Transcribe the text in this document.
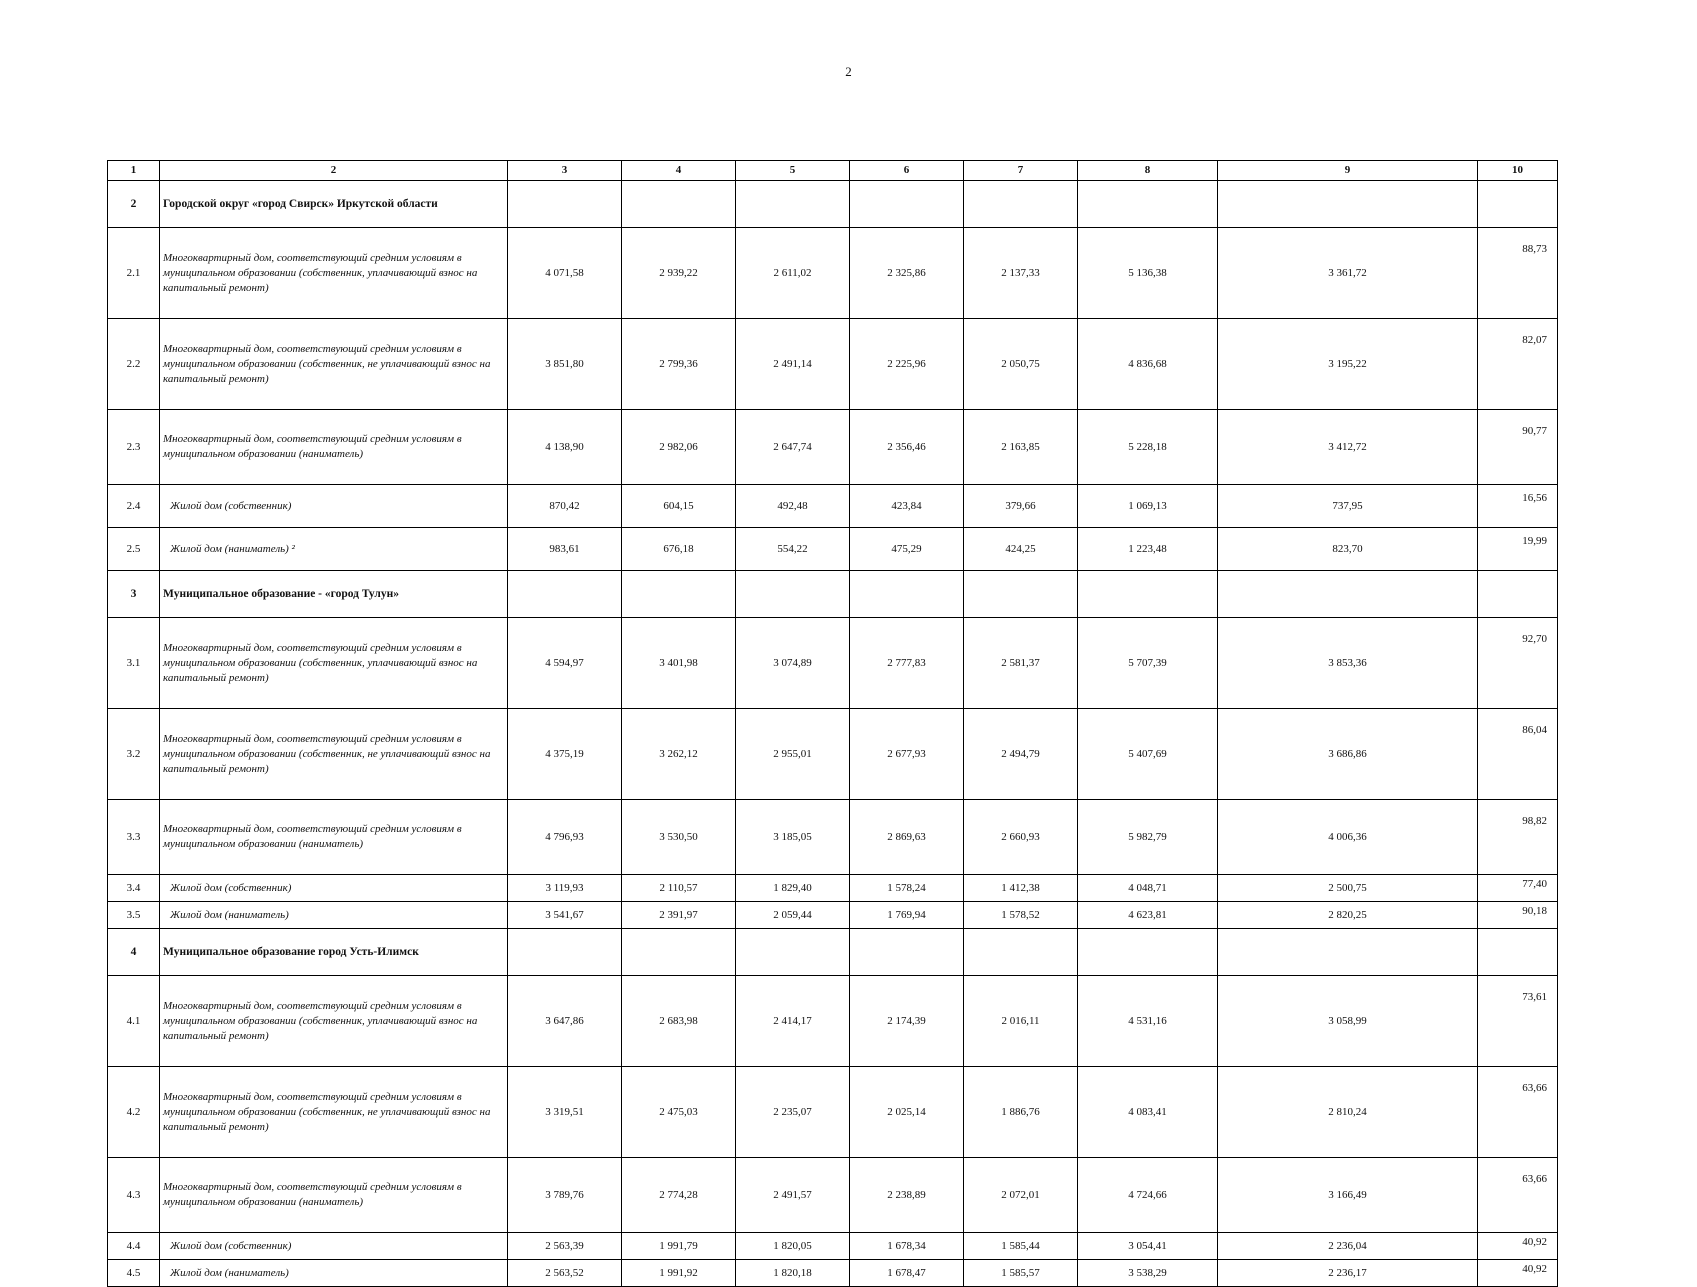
2
1	2	3	4	5	6	7	8	9	10
2	Городской округ «город Свирск» Иркутской области								
2.1	Многоквартирный дом, соответствующий средним условиям в муниципальном образовании (собственник, уплачивающий взнос на капитальный ремонт)	4 071,58	2 939,22	2 611,02	2 325,86	2 137,33	5 136,38	3 361,72	88,73
2.2	Многоквартирный дом, соответствующий средним условиям в муниципальном образовании (собственник, не уплачивающий взнос на капитальный ремонт)	3 851,80	2 799,36	2 491,14	2 225,96	2 050,75	4 836,68	3 195,22	82,07
2.3	Многоквартирный дом, соответствующий средним условиям в муниципальном образовании (наниматель)	4 138,90	2 982,06	2 647,74	2 356,46	2 163,85	5 228,18	3 412,72	90,77
2.4	Жилой дом (собственник)	870,42	604,15	492,48	423,84	379,66	1 069,13	737,95	16,56
2.5	Жилой дом (наниматель) ²	983,61	676,18	554,22	475,29	424,25	1 223,48	823,70	19,99
3	Муниципальное образование - «город Тулун»								
3.1	Многоквартирный дом, соответствующий средним условиям в муниципальном образовании (собственник, уплачивающий взнос на капитальный ремонт)	4 594,97	3 401,98	3 074,89	2 777,83	2 581,37	5 707,39	3 853,36	92,70
3.2	Многоквартирный дом, соответствующий средним условиям в муниципальном образовании (собственник, не уплачивающий взнос на капитальный ремонт)	4 375,19	3 262,12	2 955,01	2 677,93	2 494,79	5 407,69	3 686,86	86,04
3.3	Многоквартирный дом, соответствующий средним условиям в муниципальном образовании (наниматель)	4 796,93	3 530,50	3 185,05	2 869,63	2 660,93	5 982,79	4 006,36	98,82
3.4	Жилой дом (собственник)	3 119,93	2 110,57	1 829,40	1 578,24	1 412,38	4 048,71	2 500,75	77,40
3.5	Жилой дом (наниматель)	3 541,67	2 391,97	2 059,44	1 769,94	1 578,52	4 623,81	2 820,25	90,18
4	Муниципальное образование город Усть-Илимск								
4.1	Многоквартирный дом, соответствующий средним условиям в муниципальном образовании (собственник, уплачивающий взнос на капитальный ремонт)	3 647,86	2 683,98	2 414,17	2 174,39	2 016,11	4 531,16	3 058,99	73,61
4.2	Многоквартирный дом, соответствующий средним условиям в муниципальном образовании (собственник, не уплачивающий взнос на капитальный ремонт)	3 319,51	2 475,03	2 235,07	2 025,14	1 886,76	4 083,41	2 810,24	63,66
4.3	Многоквартирный дом, соответствующий средним условиям в муниципальном образовании (наниматель)	3 789,76	2 774,28	2 491,57	2 238,89	2 072,01	4 724,66	3 166,49	63,66
4.4	Жилой дом (собственник)	2 563,39	1 991,79	1 820,05	1 678,34	1 585,44	3 054,41	2 236,04	40,92
4.5	Жилой дом (наниматель)	2 563,52	1 991,92	1 820,18	1 678,47	1 585,57	3 538,29	2 236,17	40,92
